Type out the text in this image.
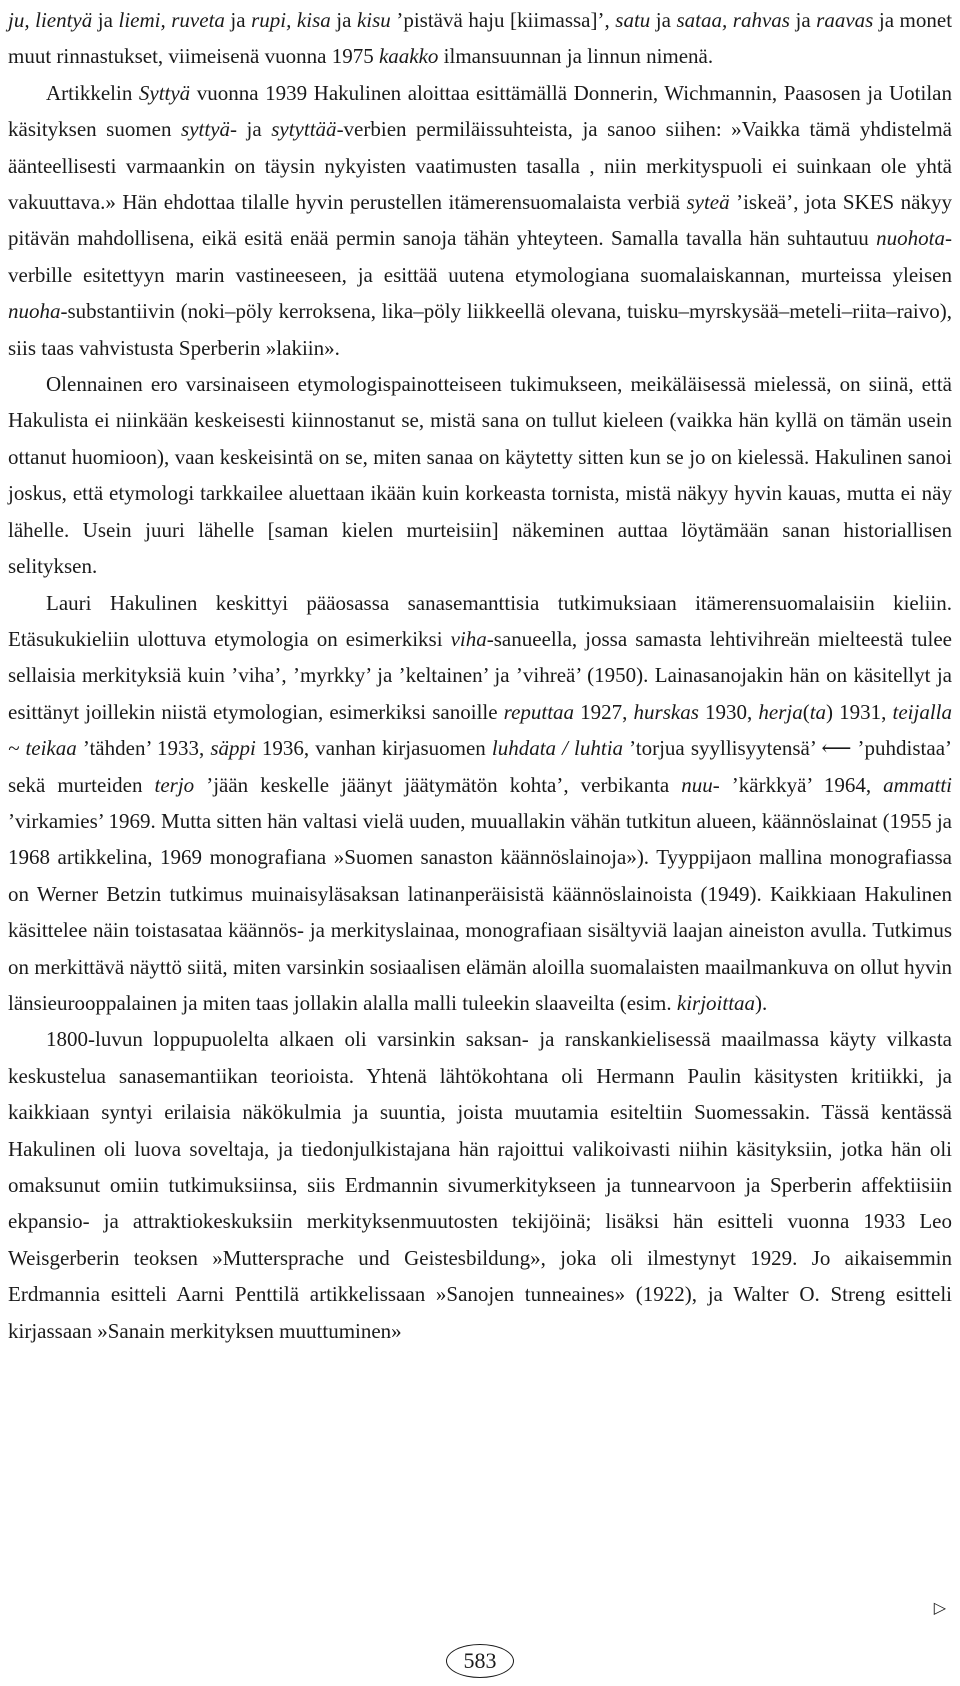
ju, lientyä ja liemi, ruveta ja rupi, kisa ja kisu ’pistävä haju [kiimassa]’, satu ja sataa, rahvas ja raavas ja monet muut rinnastukset, viimeisenä vuonna 1975 kaakko ilmansuunnan ja linnun nimenä.

Artikkelin Syttyä vuonna 1939 Hakulinen aloittaa esittämällä Donnerin, Wichmannin, Paasosen ja Uotilan käsityksen suomen syttyä- ja sytyttää-verbien permiläissuhteista, ja sanoo siihen: »Vaikka tämä yhdistelmä äänteellisesti varmaankin on täysin nykyisten vaatimusten tasalla , niin merkityspuoli ei suinkaan ole yhtä vakuuttava.» Hän ehdottaa tilalle hyvin perustellen itämerensuomalaista verbiä syteä ’iskeä’, jota SKES näkyy pitävän mahdollisena, eikä esitä enää permin sanoja tähän yhteyteen. Samalla tavalla hän suhtautuu nuohota-verbille esitettyyn marin vastineeseen, ja esittää uutena etymologiana suomalaiskannan, murteissa yleisen nuoha-substantiivin (noki–pöly kerroksena, lika–pöly liikkeellä olevana, tuisku–myrskysää–meteli–riita–raivo), siis taas vahvistusta Sperberin »lakiin».

Olennainen ero varsinaiseen etymologispainotteiseen tukimukseen, meikäläisessä mielessä, on siinä, että Hakulista ei niinkään keskeisesti kiinnostanut se, mistä sana on tullut kieleen (vaikka hän kyllä on tämän usein ottanut huomioon), vaan keskeisintä on se, miten sanaa on käytetty sitten kun se jo on kielessä. Hakulinen sanoi joskus, että etymologi tarkkailee aluettaan ikään kuin korkeasta tornista, mistä näkyy hyvin kauas, mutta ei näy lähelle. Usein juuri lähelle [saman kielen murteisiin] näkeminen auttaa löytämään sanan historiallisen selityksen.

Lauri Hakulinen keskittyi pääosassa sanasemanttisia tutkimuksiaan itämerensuomalaisiin kieliin. Etäsukukieliin ulottuva etymologia on esimerkiksi viha-sanueella, jossa samasta lehtivihreän mielteestä tulee sellaisia merkityksiä kuin ’viha’, ’myrkky’ ja ’keltainen’ ja ’vihreä’ (1950). Lainasanojakin hän on käsitellyt ja esittänyt joillekin niistä etymologian, esimerkiksi sanoille reputtaa 1927, hurskas 1930, herja(ta) 1931, teijalla ~ teikaa ’tähden’ 1933, säppi 1936, vanhan kirjasuomen luhdata / luhtia ’torjua syyllisyytensä’ ⟵ ’puhdistaa’ sekä murteiden terjo ’jään keskelle jäänyt jäätymätön kohta’, verbikanta nuu- ’kärkkyä’ 1964, ammatti ’virkamies’ 1969. Mutta sitten hän valtasi vielä uuden, muuallakin vähän tutkitun alueen, käännöslainat (1955 ja 1968 artikkelina, 1969 monografiana »Suomen sanaston käännöslainoja»). Tyyppijaon mallina monografiassa on Werner Betzin tutkimus muinaisyläsaksan latinanperäisistä käännöslainoista (1949). Kaikkiaan Hakulinen käsittelee näin toistasataa käännös- ja merkityslainaa, monografiaan sisältyviä laajan aineiston avulla. Tutkimus on merkittävä näyttö siitä, miten varsinkin sosiaalisen elämän aloilla suomalaisten maailmankuva on ollut hyvin länsieurooppalainen ja miten taas jollakin alalla malli tuleekin slaaveilta (esim. kirjoittaa).

1800-luvun loppupuolelta alkaen oli varsinkin saksan- ja ranskankielisessä maailmassa käyty vilkasta keskustelua sanasemantiikan teorioista. Yhtenä lähtökohtana oli Hermann Paulin käsitysten kritiikki, ja kaikkiaan syntyi erilaisia näkökulmia ja suuntia, joista muutamia esiteltiin Suomessakin. Tässä kentässä Hakulinen oli luova soveltaja, ja tiedonjulkistajana hän rajoittui valikoivasti niihin käsityksiin, jotka hän oli omaksunut omiin tutkimuksiinsa, siis Erdmannin sivumerkitykseen ja tunnearvoon ja Sperberin affektiisiin ekpansio- ja attraktiokeskuksiin merkityksenmuutosten tekijöinä; lisäksi hän esitteli vuonna 1933 Leo Weisgerberin teoksen »Muttersprache und Geistesbildung», joka oli ilmestynyt 1929. Jo aikaisemmin Erdmannia esitteli Aarni Penttilä artikkelissaan »Sanojen tunneaines» (1922), ja Walter O. Streng esitteli kirjassaan »Sanain merkityksen muuttuminen»

▷
583
